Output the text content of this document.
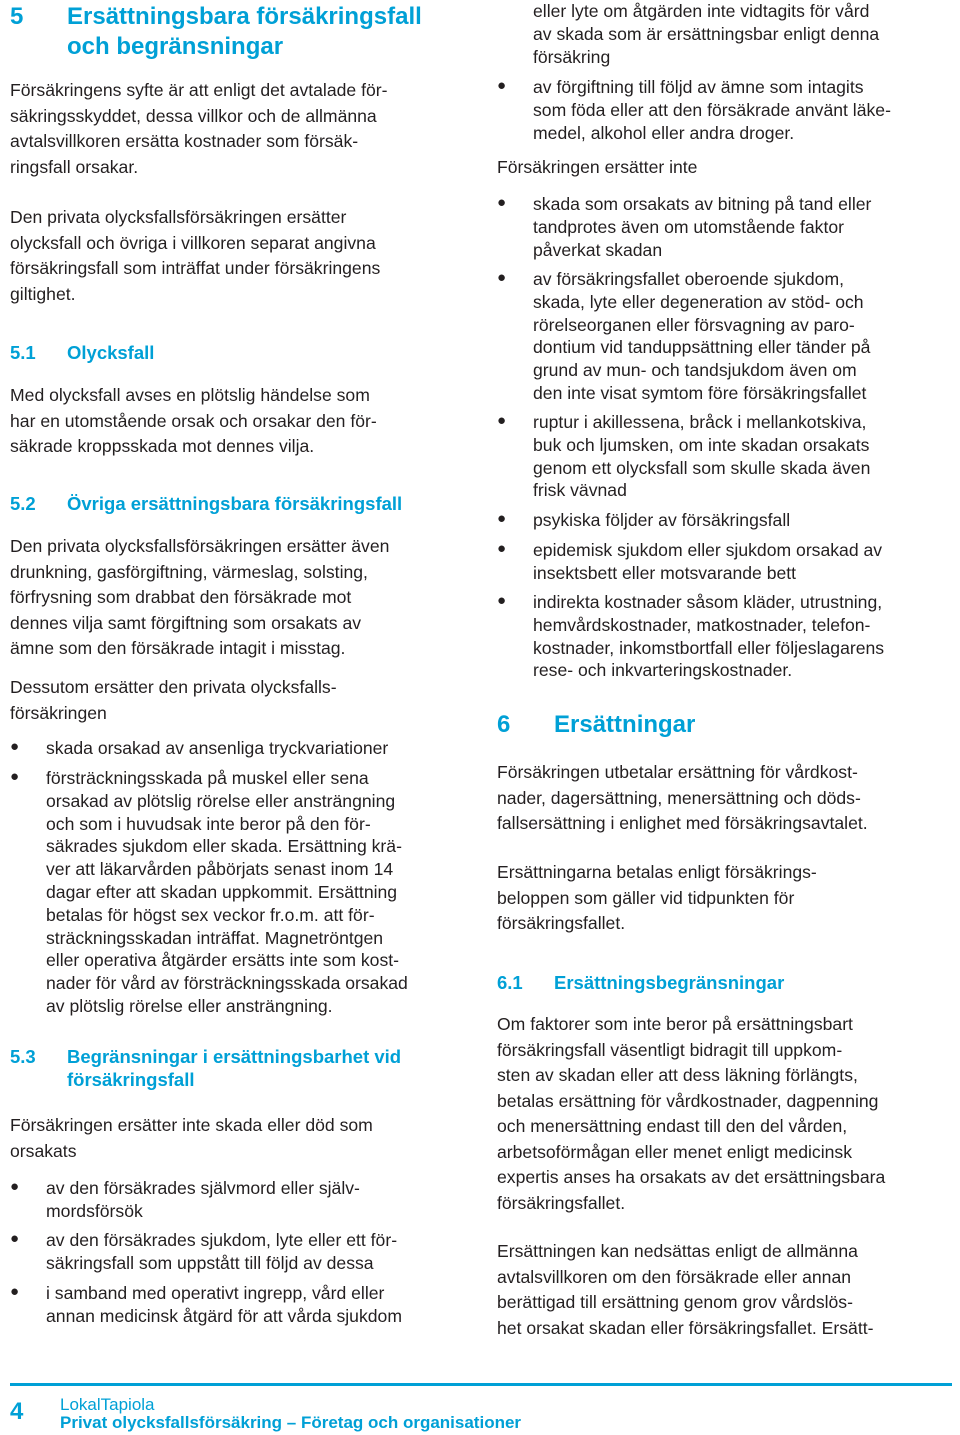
5 Ersättningsbara försäkringsfall
och begränsningar

Försäkringens syfte är att enligt det avtalade för-
säkringsskyddet, dessa villkor och de allmänna
avtalsvillkoren ersätta kostnader som försäk-
ringsfall orsakar.

Den privata olycksfallsförsäkringen ersätter
olycksfall och övriga i villkoren separat angivna
försäkringsfall som inträffat under försäkringens
giltighet.

5.1 Olycksfall

Med olycksfall avses en plötslig händelse som
har en utomstående orsak och orsakar den för-
säkrade kroppsskada mot dennes vilja.

5.2 Övriga ersättningsbara försäkringsfall

Den privata olycksfallsförsäkringen ersätter även
drunkning, gasförgiftning, värmeslag, solsting,
förfrysning som drabbat den försäkrade mot
dennes vilja samt förgiftning som orsakats av
ämne som den försäkrade intagit i misstag.

Dessutom ersätter den privata olycksfalls-
försäkringen

● skada orsakad av ansenliga tryckvariationer
● försträckningsskada på muskel eller sena
orsakad av plötslig rörelse eller ansträngning
och som i huvudsak inte beror på den för-
säkrades sjukdom eller skada. Ersättning krä-
ver att läkarvården påbörjats senast inom 14
dagar efter att skadan uppkommit. Ersättning
betalas för högst sex veckor fr.o.m. att för-
sträckningsskadan inträffat. Magnetröntgen
eller operativa åtgärder ersätts inte som kost-
nader för vård av försträckningsskada orsakad
av plötslig rörelse eller ansträngning.
5.3 Begränsningar i ersättningsbarhet vid
försäkringsfall

Försäkringen ersätter inte skada eller död som
orsakats

● av den försäkrades självmord eller själv-
mordsförsök
● av den försäkrades sjukdom, lyte eller ett för-
säkringsfall som uppstått till följd av dessa
● i samband med operativt ingrepp, vård eller
annan medicinsk åtgärd för att vårda sjukdom
eller lyte om åtgärden inte vidtagits för vård
av skada som är ersättningsbar enligt denna
försäkring
● av förgiftning till följd av ämne som intagits
som föda eller att den försäkrade använt läke-
medel, alkohol eller andra droger.

Försäkringen ersätter inte

● skada som orsakats av bitning på tand eller
tandprotes även om utomstående faktor
påverkat skadan
● av försäkringsfallet oberoende sjukdom,
skada, lyte eller degeneration av stöd- och
rörelseorganen eller försvagning av paro-
dontium vid tanduppsättning eller tänder på
grund av mun- och tandsjukdom även om
den inte visat symtom före försäkringsfallet
● ruptur i akillessena, bråck i mellankotskiva,
buk och ljumsken, om inte skadan orsakats
genom ett olycksfall som skulle skada även
frisk vävnad
● psykiska följder av försäkringsfall
● epidemisk sjukdom eller sjukdom orsakad av
insektsbett eller motsvarande bett
● indirekta kostnader såsom kläder, utrustning,
hemvårdskostnader, matkostnader, telefon-
kostnader, inkomstbortfall eller följeslagarens
rese- och inkvarteringskostnader.
6 Ersättningar

Försäkringen utbetalar ersättning för vårdkost-
nader, dagersättning, menersättning och döds-
fallsersättning i enlighet med försäkringsavtalet.

Ersättningarna betalas enligt försäkrings-
beloppen som gäller vid tidpunkten för
försäkringsfallet.

6.1 Ersättningsbegränsningar

Om faktorer som inte beror på ersättningsbart
försäkringsfall väsentligt bidragit till uppkom-
sten av skadan eller att dess läkning förlängts,
betalas ersättning för vårdkostnader, dagpenning
och menersättning endast till den del vården,
arbetsoförmågan eller menet enligt medicinsk
expertis anses ha orsakats av det ersättningsbara
försäkringsfallet.

Ersättningen kan nedsättas enligt de allmänna
avtalsvillkoren om den försäkrade eller annan
berättigad till ersättning genom grov vårdslös-
het orsakat skadan eller försäkringsfallet. Ersätt-

4 LokalTapiola
Privat olycksfallsförsäkring – Företag och organisationer
